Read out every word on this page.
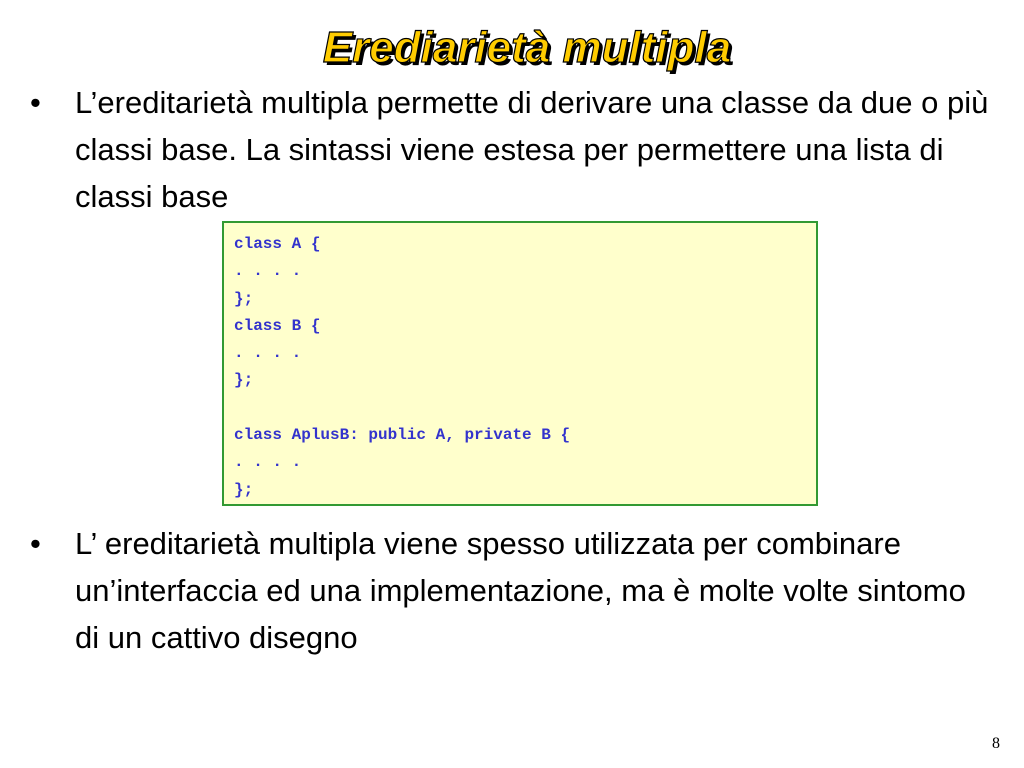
Erediarietà multipla
•	L’ereditarietà multipla permette di derivare una classe da due o più classi base. La sintassi viene estesa per permettere una lista di classi base
class A {
. . . .
};
class B {
. . . .
};
class AplusB: public A, private B {
. . . .
};
•	L’ ereditarietà multipla viene spesso utilizzata per combinare un’interfaccia ed una implementazione, ma è molte volte sintomo di un cattivo disegno
8
